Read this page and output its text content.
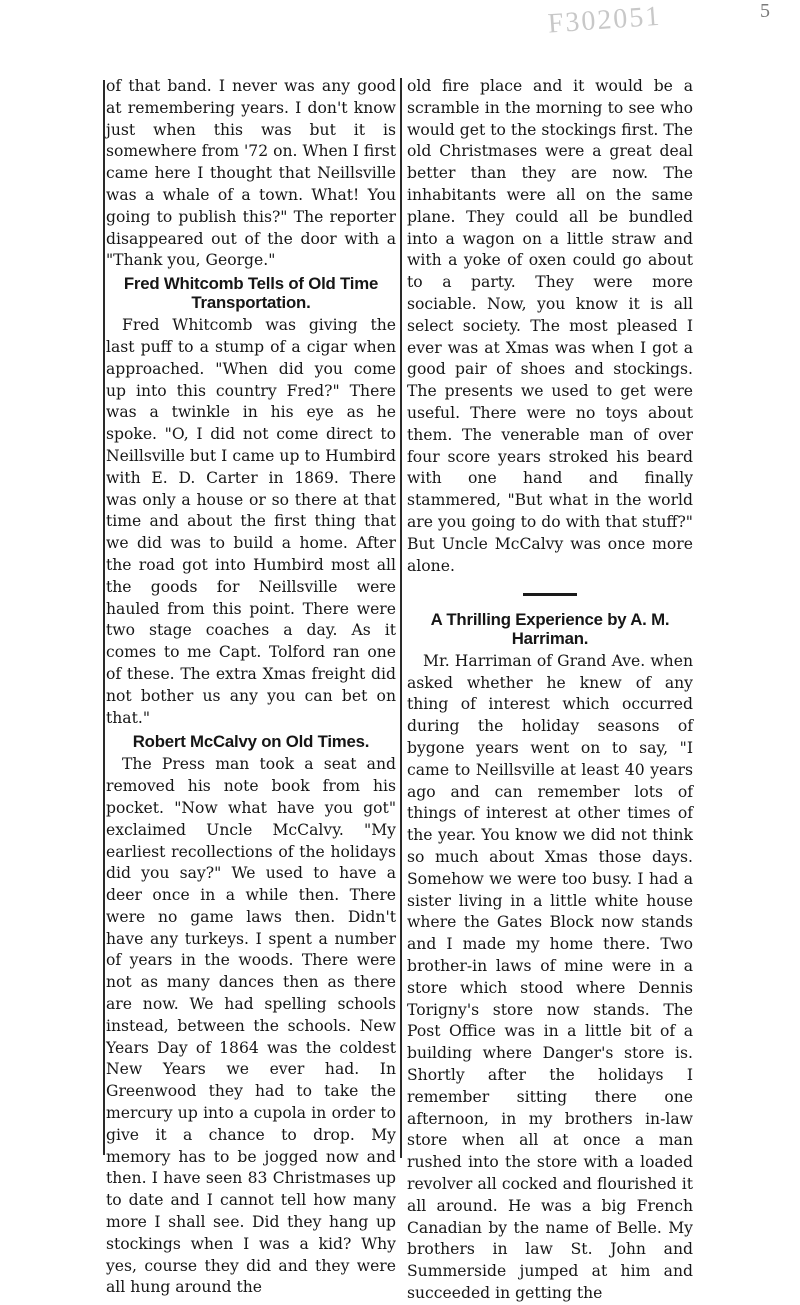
F302051	5

of that band. I never was any good at remembering years. I don't know just when this was but it is somewhere from '72 on. When I first came here I thought that Neillsville was a whale of a town. What! You going to publish this?" The reporter disappeared out of the door with a "Thank you, George."

Fred Whitcomb Tells of Old Time Transportation.

Fred Whitcomb was giving the last puff to a stump of a cigar when approached. "When did you come up into this country Fred?" There was a twinkle in his eye as he spoke. "O, I did not come direct to Neillsville but I came up to Humbird with E. D. Carter in 1869. There was only a house or so there at that time and about the first thing that we did was to build a home. After the road got into Humbird most all the goods for Neillsville were hauled from this point. There were two stage coaches a day. As it comes to me Capt. Tolford ran one of these. The extra Xmas freight did not bother us any you can bet on that."

Robert McCalvy on Old Times.

The Press man took a seat and removed his note book from his pocket. "Now what have you got" exclaimed Uncle McCalvy. "My earliest recollections of the holidays did you say?" We used to have a deer once in a while then. There were no game laws then. Didn't have any turkeys. I spent a number of years in the woods. There were not as many dances then as there are now. We had spelling schools instead, between the schools. New Years Day of 1864 was the coldest New Years we ever had. In Greenwood they had to take the mercury up into a cupola in order to give it a chance to drop. My memory has to be jogged now and then. I have seen 83 Christmases up to date and I cannot tell how many more I shall see. Did they hang up stockings when I was a kid? Why yes, course they did and they were all hung around the

old fire place and it would be a scramble in the morning to see who would get to the stockings first. The old Christmases were a great deal better than they are now. The inhabitants were all on the same plane. They could all be bundled into a wagon on a little straw and with a yoke of oxen could go about to a party. They were more sociable. Now, you know it is all select society. The most pleased I ever was at Xmas was when I got a good pair of shoes and stockings. The presents we used to get were useful. There were no toys about them. The venerable man of over four score years stroked his beard with one hand and finally stammered, "But what in the world are you going to do with that stuff?" But Uncle McCalvy was once more alone.

A Thrilling Experience by A. M. Harriman.

Mr. Harriman of Grand Ave. when asked whether he knew of any thing of interest which occurred during the holiday seasons of bygone years went on to say, "I came to Neillsville at least 40 years ago and can remember lots of things of interest at other times of the year. You know we did not think so much about Xmas those days. Somehow we were too busy. I had a sister living in a little white house where the Gates Block now stands and I made my home there. Two brother-in laws of mine were in a store which stood where Dennis Torigny's store now stands. The Post Office was in a little bit of a building where Danger's store is. Shortly after the holidays I remember sitting there one afternoon, in my brothers in-law store when all at once a man rushed into the store with a loaded revolver all cocked and flourished it all around. He was a big French Canadian by the name of Belle. My brothers in law St. John and Summerside jumped at him and succeeded in getting the
